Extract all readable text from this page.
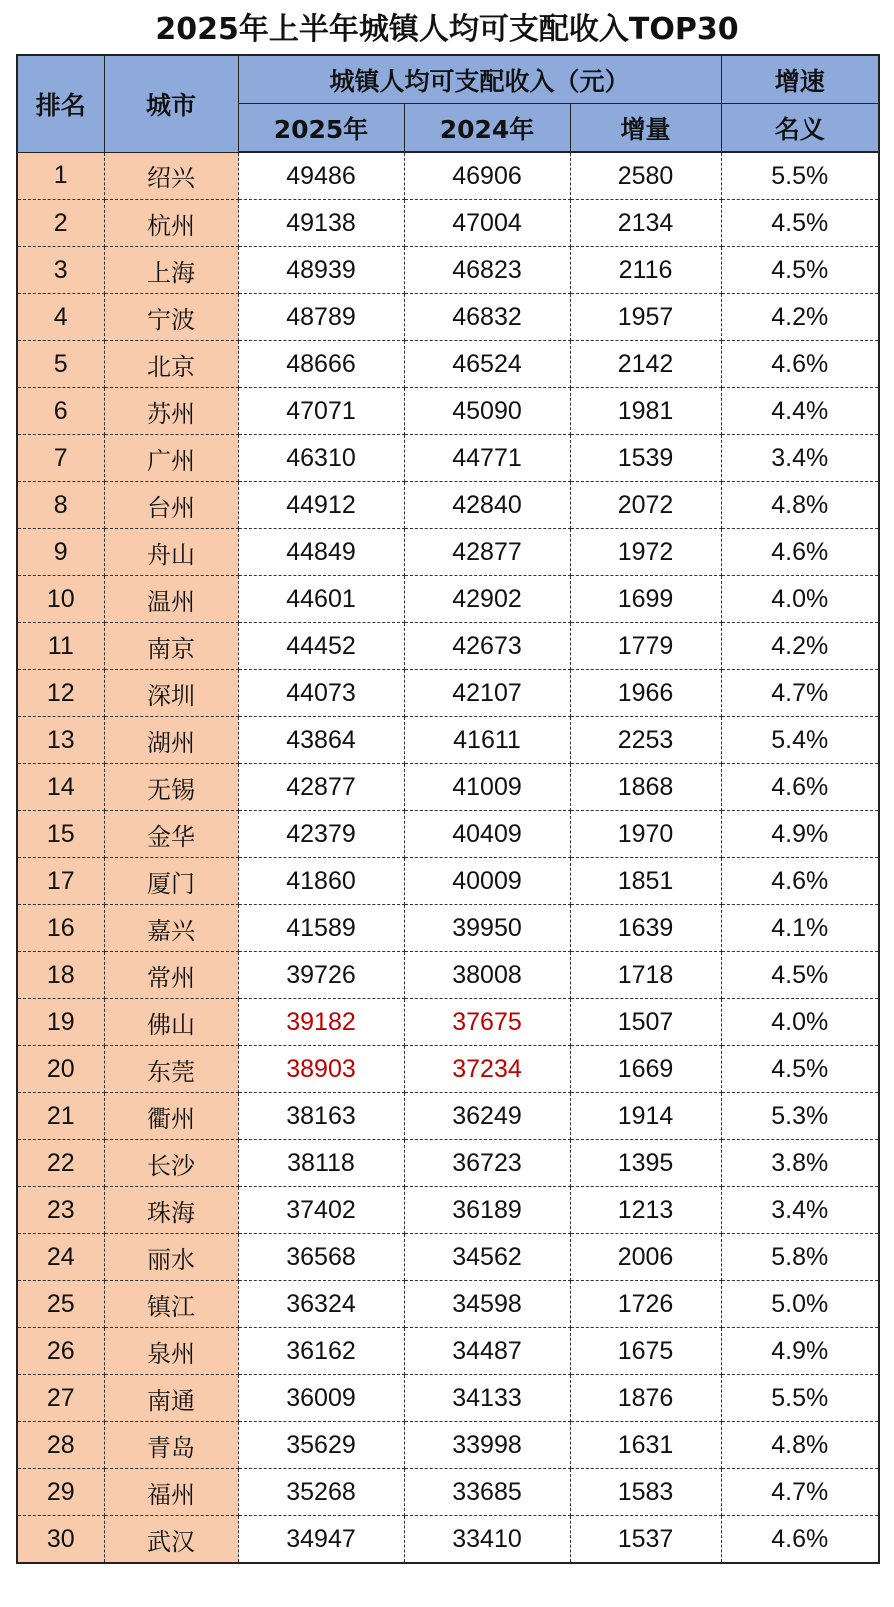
2025年上半年城镇人均可支配收入TOP30
排名	城市	城镇人均可支配收入（元）			增速
		2025年	2024年	增量	名义
1	绍兴	49486	46906	2580	5.5%
2	杭州	49138	47004	2134	4.5%
3	上海	48939	46823	2116	4.5%
4	宁波	48789	46832	1957	4.2%
5	北京	48666	46524	2142	4.6%
6	苏州	47071	45090	1981	4.4%
7	广州	46310	44771	1539	3.4%
8	台州	44912	42840	2072	4.8%
9	舟山	44849	42877	1972	4.6%
10	温州	44601	42902	1699	4.0%
11	南京	44452	42673	1779	4.2%
12	深圳	44073	42107	1966	4.7%
13	湖州	43864	41611	2253	5.4%
14	无锡	42877	41009	1868	4.6%
15	金华	42379	40409	1970	4.9%
17	厦门	41860	40009	1851	4.6%
16	嘉兴	41589	39950	1639	4.1%
18	常州	39726	38008	1718	4.5%
19	佛山	39182	37675	1507	4.0%
20	东莞	38903	37234	1669	4.5%
21	衢州	38163	36249	1914	5.3%
22	长沙	38118	36723	1395	3.8%
23	珠海	37402	36189	1213	3.4%
24	丽水	36568	34562	2006	5.8%
25	镇江	36324	34598	1726	5.0%
26	泉州	36162	34487	1675	4.9%
27	南通	36009	34133	1876	5.5%
28	青岛	35629	33998	1631	4.8%
29	福州	35268	33685	1583	4.7%
30	武汉	34947	33410	1537	4.6%
